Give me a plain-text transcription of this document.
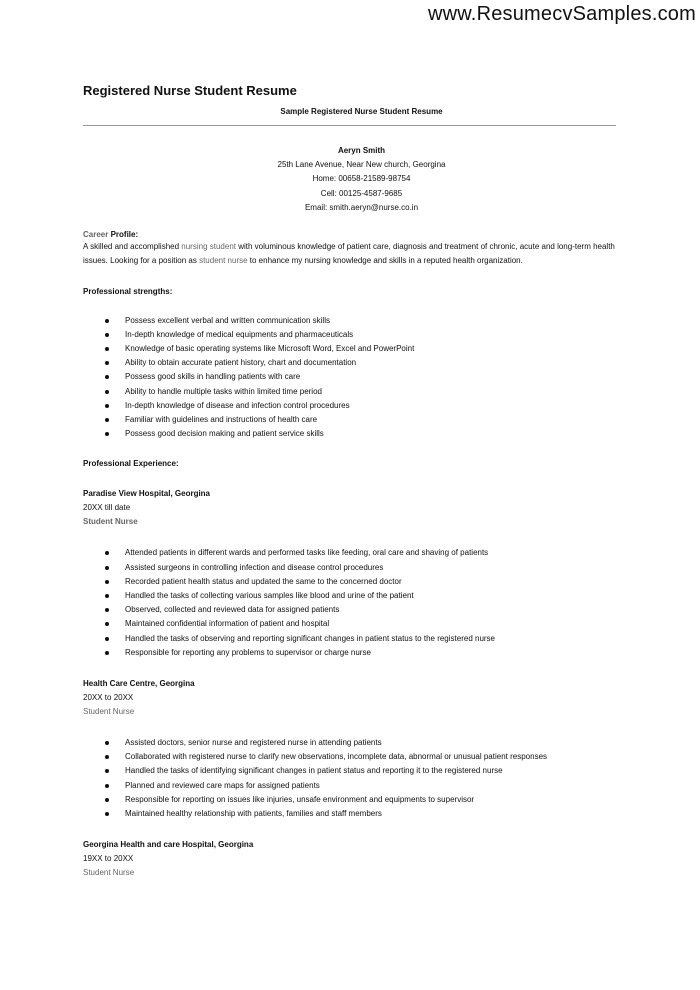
www.ResumecvSamples.com
Registered Nurse Student Resume
Sample Registered Nurse Student Resume
Aeryn Smith
25th Lane Avenue, Near New church, Georgina
Home: 00658-21589-98754
Cell: 00125-4587-9685
Email: smith.aeryn@nurse.co.in
Career Profile:
A skilled and accomplished nursing student with voluminous knowledge of patient care, diagnosis and treatment of chronic, acute and long-term health issues. Looking for a position as student nurse to enhance my nursing knowledge and skills in a reputed health organization.
Professional strengths:
Possess excellent verbal and written communication skills
In-depth knowledge of medical equipments and pharmaceuticals
Knowledge of basic operating systems like Microsoft Word, Excel and PowerPoint
Ability to obtain accurate patient history, chart and documentation
Possess good skills in handling patients with care
Ability to handle multiple tasks within limited time period
In-depth knowledge of disease and infection control procedures
Familiar with guidelines and instructions of health care
Possess good decision making and patient service skills
Professional Experience:
Paradise View Hospital, Georgina
20XX till date
Student Nurse
Attended patients in different wards and performed tasks like feeding, oral care and shaving of patients
Assisted surgeons in controlling infection and disease control procedures
Recorded patient health status and updated the same to the concerned doctor
Handled the tasks of collecting various samples like blood and urine of the patient
Observed, collected and reviewed data for assigned patients
Maintained confidential information of patient and hospital
Handled the tasks of observing and reporting significant changes in patient status to the registered nurse
Responsible for reporting any problems to supervisor or charge nurse
Health Care Centre, Georgina
20XX to 20XX
Student Nurse
Assisted doctors, senior nurse and registered nurse in attending patients
Collaborated with registered nurse to clarify new observations, incomplete data, abnormal or unusual patient responses
Handled the tasks of identifying significant changes in patient status and reporting it to the registered nurse
Planned and reviewed care maps for assigned patients
Responsible for reporting on issues like injuries, unsafe environment and equipments to supervisor
Maintained healthy relationship with patients, families and staff members
Georgina Health and care Hospital, Georgina
19XX to 20XX
Student Nurse
